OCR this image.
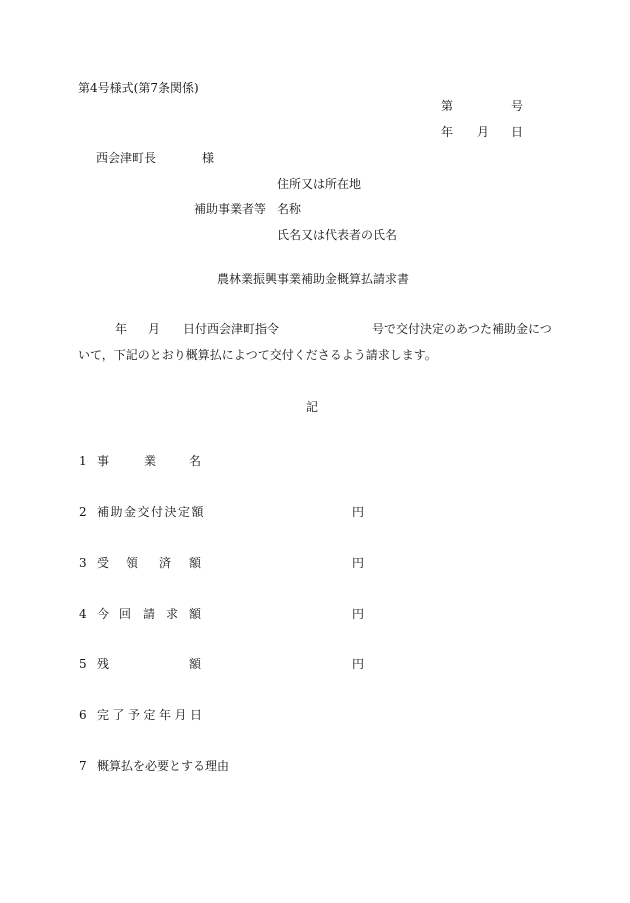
第4号様式(第7条関係)
第	号
年 月 日
西会津町長	様
住所又は所在地
補助事業者等 名称
氏名又は代表者の氏名
農林業振興事業補助金概算払請求書
年 月 日付西会津町指令	号で交付決定のあつた補助金につ
いて，下記のとおり概算払によつて交付くださるよう請求します。
記
1 事	業	名
2 補助金交付決定額	円
3 受 領 済 額	円
4 今 回 請 求 額	円
5 残	額	円
6 完了予定年月日
7 概算払を必要とする理由
